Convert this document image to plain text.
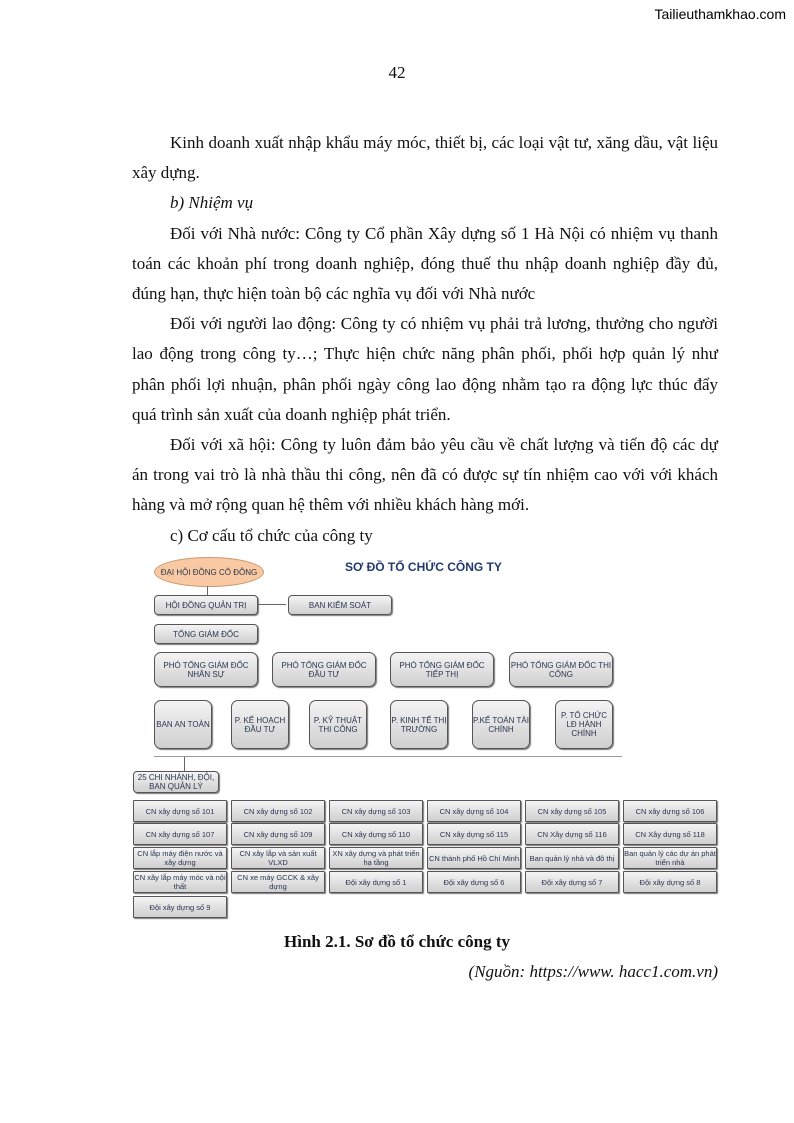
Tailieuthamkhao.com
42

Kinh doanh xuất nhập khẩu máy móc, thiết bị, các loại vật tư, xăng dầu, vật liệu xây dựng.

b) Nhiệm vụ

Đối với Nhà nước: Công ty Cổ phần Xây dựng số 1 Hà Nội có nhiệm vụ thanh toán các khoản phí trong doanh nghiệp, đóng thuế thu nhập doanh nghiệp đầy đủ, đúng hạn, thực hiện toàn bộ các nghĩa vụ đối với Nhà nước

Đối với người lao động: Công ty có nhiệm vụ phải trả lương, thưởng cho người lao động trong công ty…; Thực hiện chức năng phân phối, phối hợp quản lý như phân phối lợi nhuận, phân phối ngày công lao động nhằm tạo ra động lực thúc đẩy quá trình sản xuất của doanh nghiệp phát triển.

Đối với xã hội: Công ty luôn đảm bảo yêu cầu về chất lượng và tiến độ các dự án trong vai trò là nhà thầu thi công, nên đã có được sự tín nhiệm cao với với khách hàng và mở rộng quan hệ thêm với nhiều khách hàng mới.

c) Cơ cấu tổ chức của công ty

ĐẠI HỘI ĐỒNG CỔ ĐÔNG	SƠ ĐỒ TỔ CHỨC CÔNG TY
HỘI ĐỒNG QUẢN TRỊ	BAN KIỂM SOÁT
TỔNG GIÁM ĐỐC
PHÓ TỔNG GIÁM ĐỐC NHÂN SỰ
PHÓ TỔNG GIÁM ĐỐC ĐẦU TƯ
PHÓ TỔNG GIÁM ĐỐC TIẾP THỊ
PHÓ TỔNG GIÁM ĐỐC THI CÔNG
BAN AN TOÀN	P. KẾ HOẠCH ĐẦU TƯ
P. KỸ THUẬT THI CÔNG
P. KINH TẾ THỊ TRƯỜNG
P.KẾ TOÁN TÀI CHÍNH
P. TỔ CHỨC LĐ HÀNH CHÍNH
25 CHI NHÁNH, ĐỘI, BAN QUẢN LÝ
CN xây dựng số 101	CN xây dựng số 102	CN xây dựng số 103	CN xây dựng số 104	CN xây dựng số 105	CN xây dựng số 106
CN xây dựng số 107	CN xây dựng số 109	CN xây dựng số 110	CN xây dựng số 115	CN Xây dựng số 116	CN Xây dựng số 118
CN lắp máy điện nước và xây dựng
CN xây lắp và sản xuất VLXD
XN xây dựng và phát triển hạ tầng	CN thành phố Hồ Chí Minh	Ban quản lý nhà và đô thị	Ban quản lý các dự án phát triển nhà
CN xây lắp máy móc và nội thất
CN xe máy GCCK & xây dựng	Đội xây dựng số 1	Đội xây dựng số 6	Đội xây dựng số 7	Đội xây dựng số 8
Đội xây dựng số 9
Hình 2.1. Sơ đồ tổ chức công ty
(Nguồn: https://www. hacc1.com.vn)
